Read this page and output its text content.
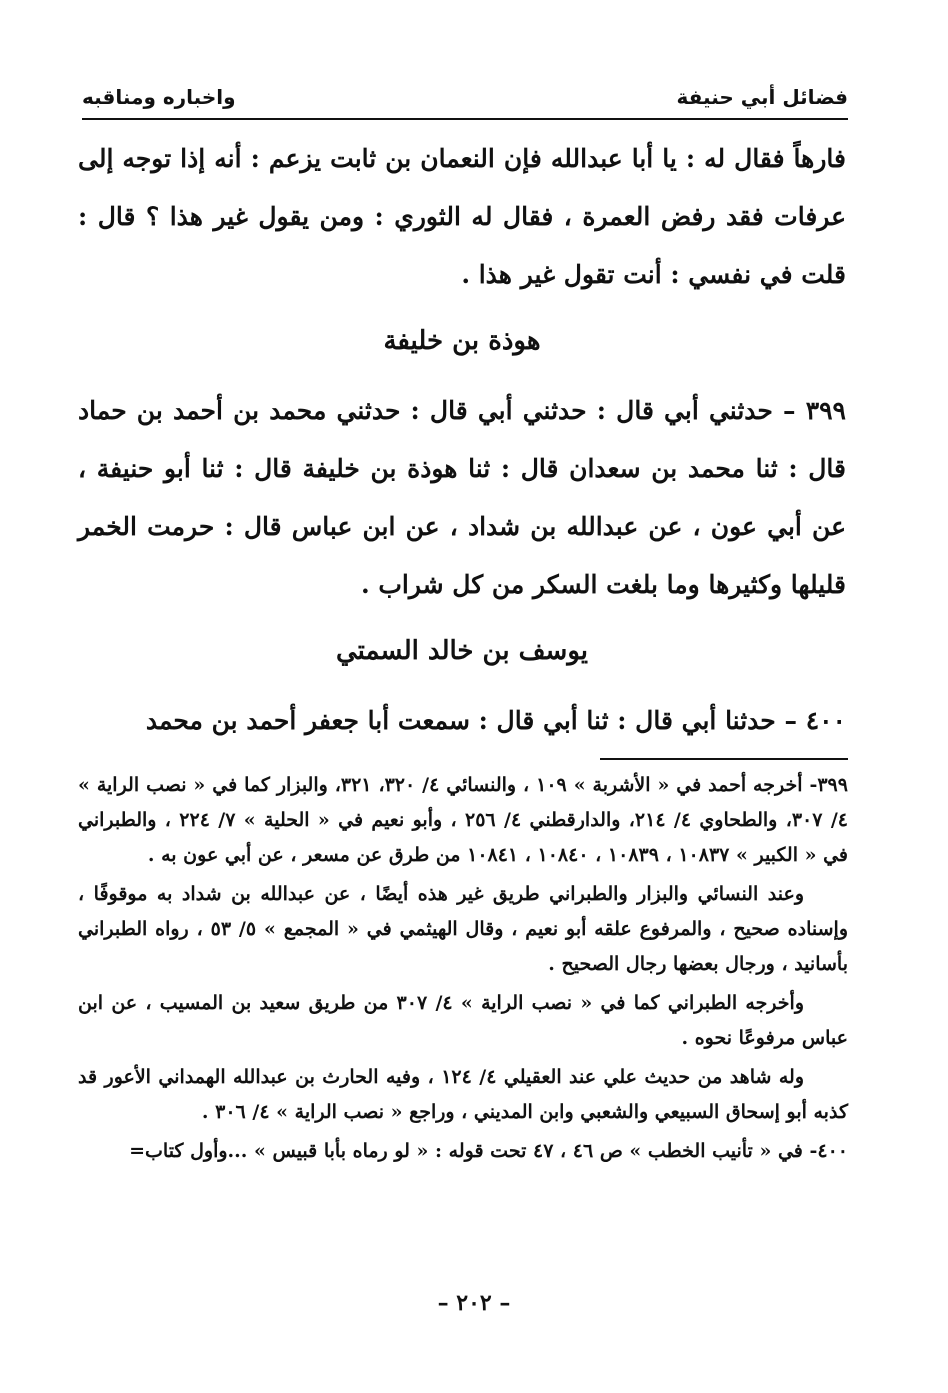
فضائل أبي حنيفة
واخباره ومناقبه

فارهاً فقال له : يا أبا عبدالله فإن النعمان بن ثابت يزعم : أنه إذا توجه إلى عرفات فقد رفض العمرة ، فقال له الثوري : ومن يقول غير هذا ؟ قال : قلت في نفسي : أنت تقول غير هذا .

هوذة بن خليفة

٣٩٩ – حدثني أبي قال : حدثني أبي قال : حدثني محمد بن أحمد بن حماد قال : ثنا محمد بن سعدان قال : ثنا هوذة بن خليفة قال : ثنا أبو حنيفة ، عن أبي عون ، عن عبدالله بن شداد ، عن ابن عباس قال : حرمت الخمر قليلها وكثيرها وما بلغت السكر من كل شراب .

يوسف بن خالد السمتي

٤٠٠ – حدثنا أبي قال : ثنا أبي قال : سمعت أبا جعفر أحمد بن محمد

٣٩٩- أخرجه أحمد في « الأشربة » ١٠٩ ، والنسائي ٤/ ٣٢٠، ٣٢١، والبزار كما في « نصب الراية » ٤/ ٣٠٧، والطحاوي ٤/ ٢١٤، والدارقطني ٤/ ٢٥٦ ، وأبو نعيم في « الحلية » ٧/ ٢٢٤ ، والطبراني في « الكبير » ١٠٨٣٧ ، ١٠٨٣٩ ، ١٠٨٤٠ ، ١٠٨٤١ من طرق عن مسعر ، عن أبي عون به .

وعند النسائي والبزار والطبراني طريق غير هذه أيضًا ، عن عبدالله بن شداد به موقوفًا ، وإسناده صحيح ، والمرفوع علقه أبو نعيم ، وقال الهيثمي في « المجمع » ٥/ ٥٣ ، رواه الطبراني بأسانيد ، ورجال بعضها رجال الصحيح .

وأخرجه الطبراني كما في « نصب الراية » ٤/ ٣٠٧ من طريق سعيد بن المسيب ، عن ابن عباس مرفوعًا نحوه .

وله شاهد من حديث علي عند العقيلي ٤/ ١٢٤ ، وفيه الحارث بن عبدالله الهمداني الأعور قد كذبه أبو إسحاق السبيعي والشعبي وابن المديني ، وراجع « نصب الراية » ٤/ ٣٠٦ .

٤٠٠- في « تأنيب الخطب » ص ٤٦ ، ٤٧ تحت قوله : « لو رماه بأبا قبيس » ...وأول كتاب=

– ٢٠٢ –
